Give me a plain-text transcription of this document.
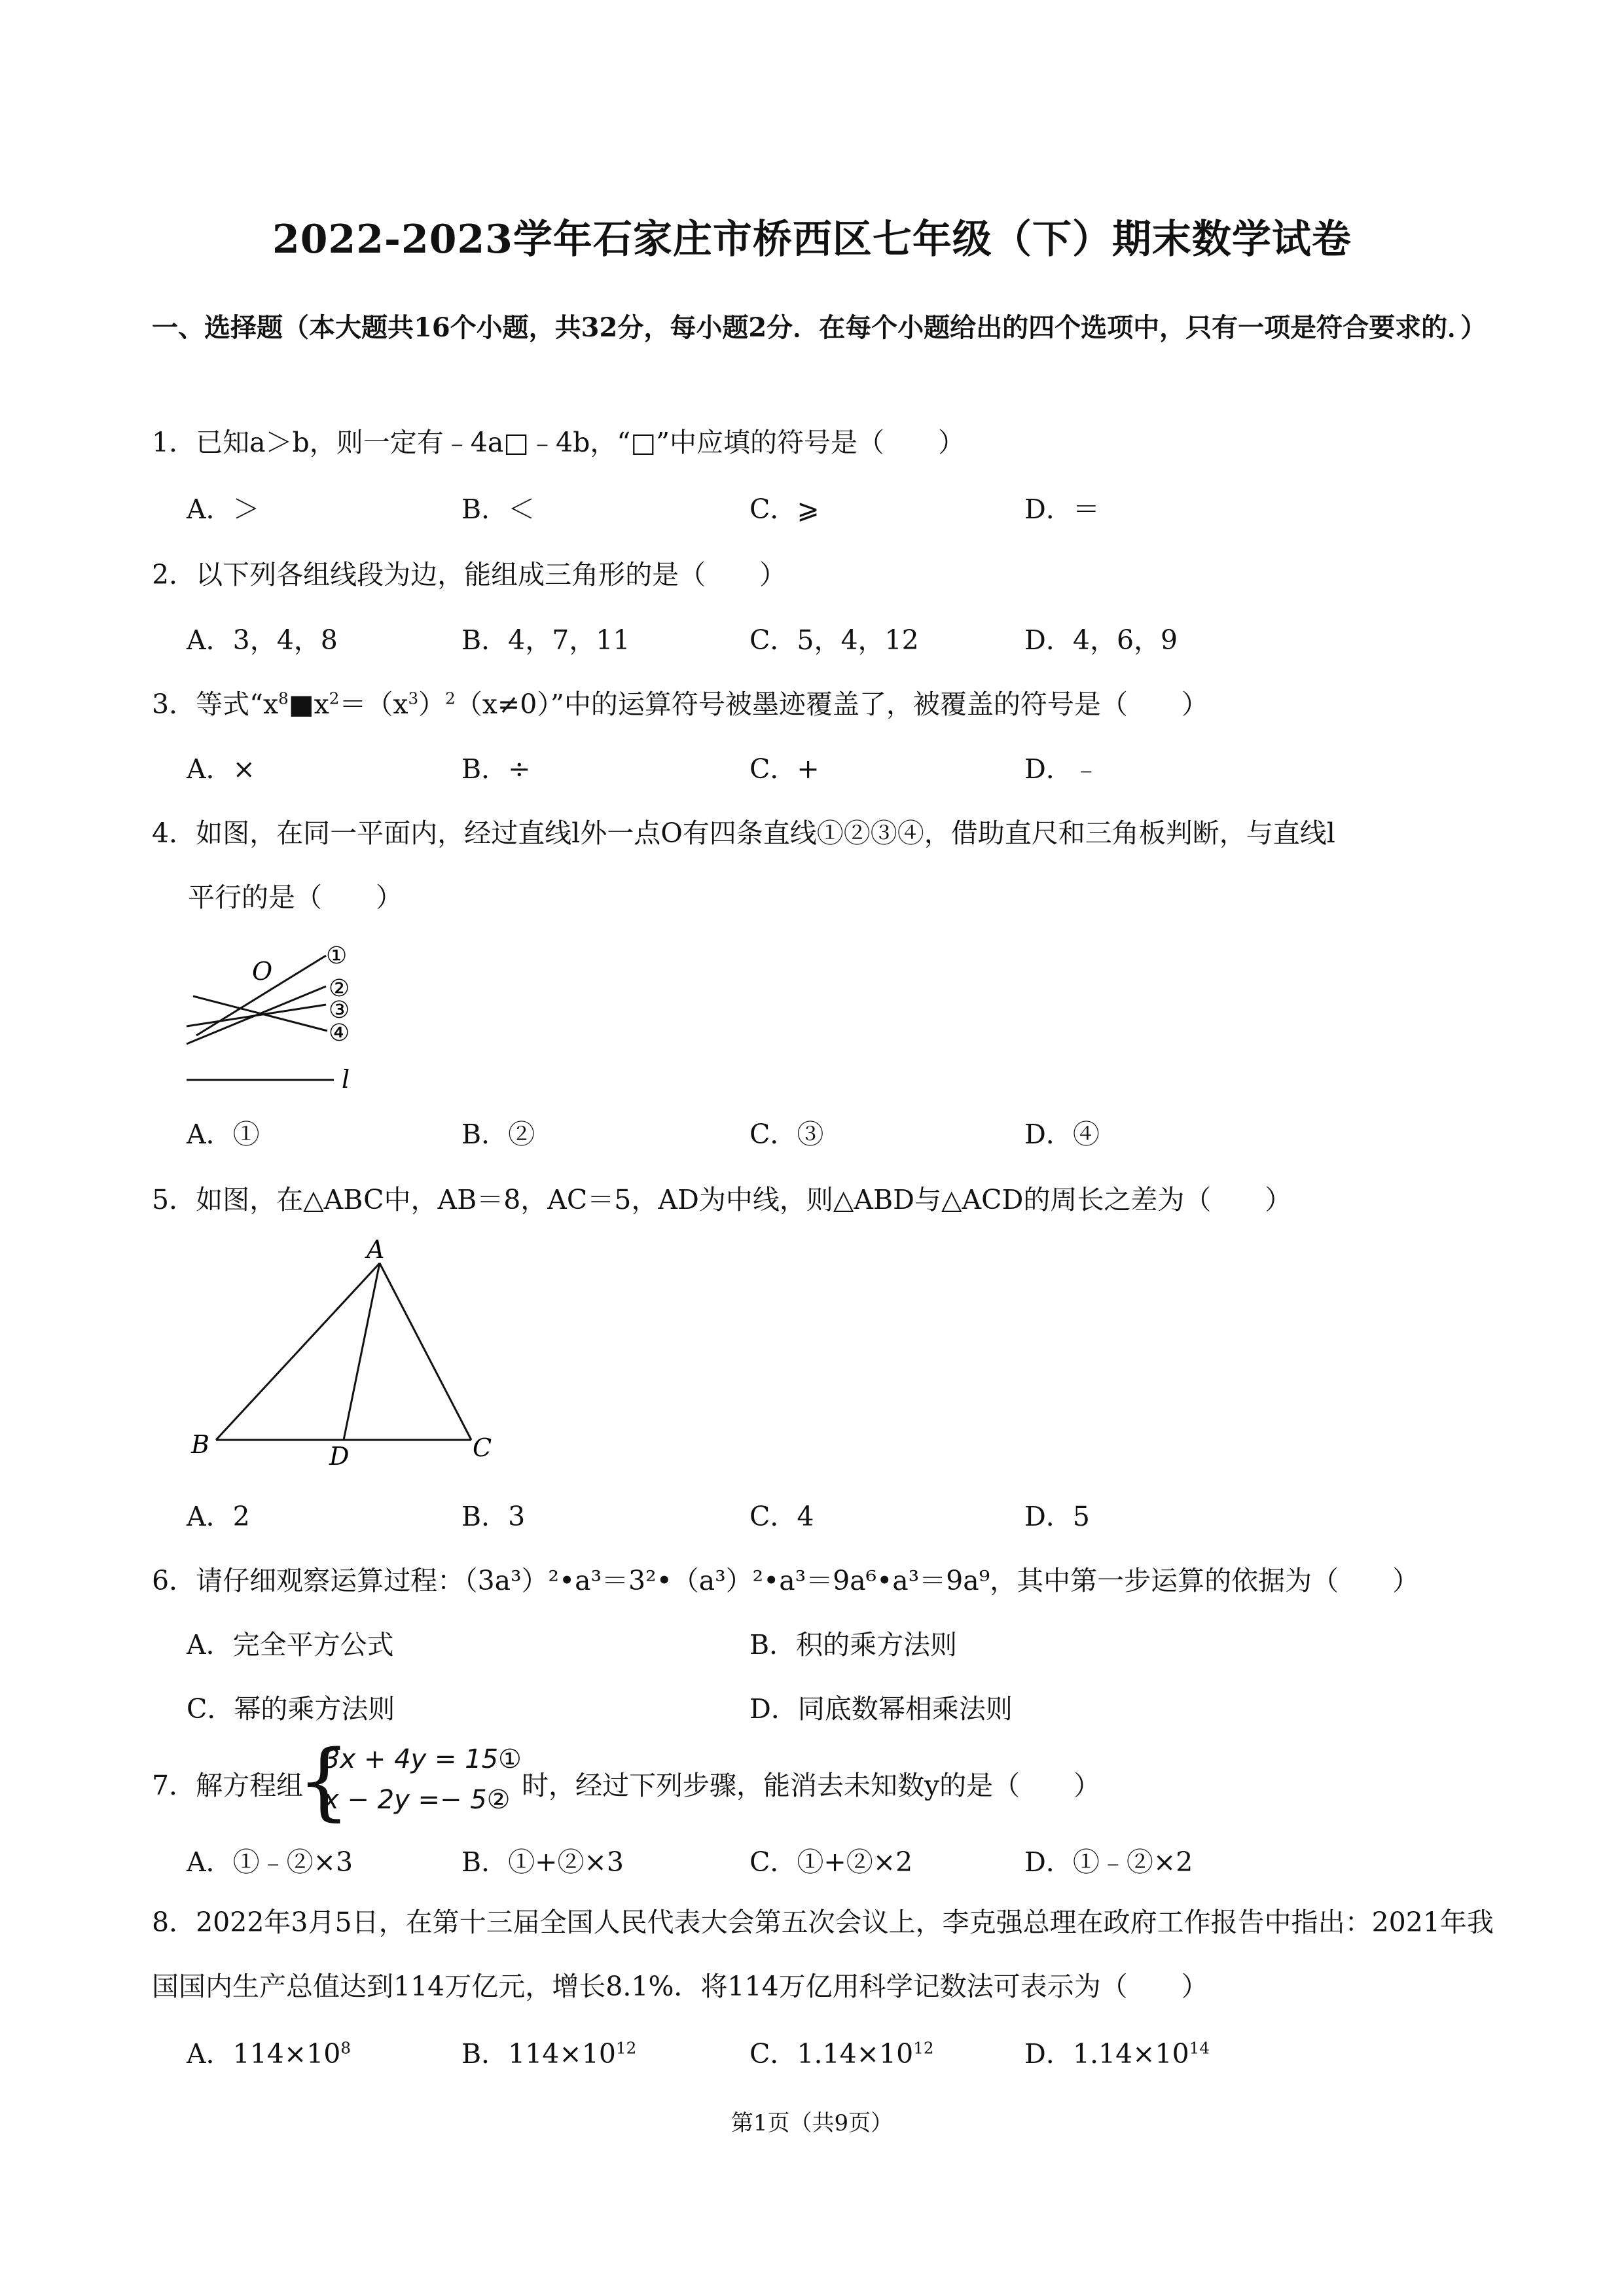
2022-2023学年石家庄市桥西区七年级（下）期末数学试卷
一、选择题（本大题共16个小题，共32分，每小题2分．在每个小题给出的四个选项中，只有一项是符合要求的．）
1．已知a＞b，则一定有﹣4a□﹣4b，“□”中应填的符号是（　　）
A．＞	B．＜	C．⩾	D．＝
2．以下列各组线段为边，能组成三角形的是（　　）
A．3，4，8	B．4，7，11	C．5，4，12	D．4，6，9
3．等式“$x^8■x^2=(x^3)^2(x\ne 0)$”中的运算符号被墨迹覆盖了，被覆盖的符号是（　　）
A．×	B．÷	C．+	D．﹣
4．如图，在同一平面内，经过直线l外一点O有四条直线①②③④，借助直尺和三角板判断，与直线l
平行的是（　　）
O
①
②
③
④
l
A．①	B．②	C．③	D．④
5．如图，在△ABC中，AB＝8，AC＝5，AD为中线，则△ABD与△ACD的周长之差为（　　）
A
B	C
D
A．2	B．3	C．4	D．5
6．请仔细观察运算过程：（3a³）²•a³＝3²•（a³）²•a³＝9a⁶•a³＝9a⁹，其中第一步运算的依据为（　　）
A．完全平方公式	B．积的乘方法则
C．幂的乘方法则	D．同底数幂相乘法则
7．解方程组
{
3x + 4y = 15①
x − 2y =− 5② 时，经过下列步骤，能消去未知数y的是（　　）
A．①﹣②×3	B．①+②×3	C．①+②×2	D．①﹣②×2
8．2022年3月5日，在第十三届全国人民代表大会第五次会议上，李克强总理在政府工作报告中指出：2021年我国国内生产总值达到114万亿元，增长8.1%．将114万亿用科学记数法可表示为（　　）
A．$114\times 10^8$	B．$114\times 10^{12}$	C．$1.14\times 10^{12}$	D．$1.14\times 10^{14}$
第1页（共9页）
